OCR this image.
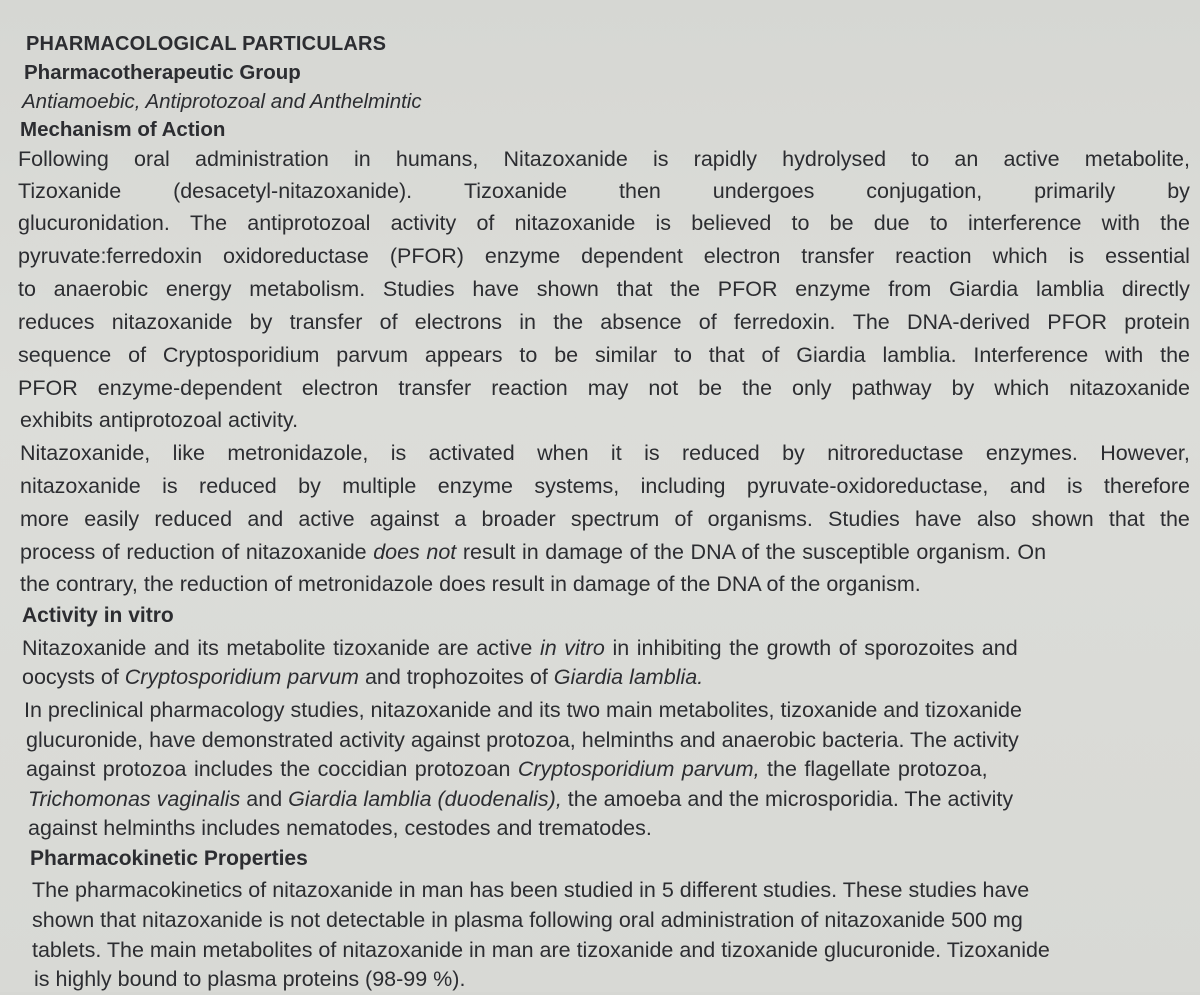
PHARMACOLOGICAL PARTICULARS
Pharmacotherapeutic Group
Antiamoebic, Antiprotozoal and Anthelmintic
Mechanism of Action
Following oral administration in humans, Nitazoxanide is rapidly hydrolysed to an active metabolite,
Tizoxanide (desacetyl-nitazoxanide). Tizoxanide then undergoes conjugation, primarily by
glucuronidation. The antiprotozoal activity of nitazoxanide is believed to be due to interference with the
pyruvate:ferredoxin oxidoreductase (PFOR) enzyme dependent electron transfer reaction which is essential
to anaerobic energy metabolism. Studies have shown that the PFOR enzyme from Giardia lamblia directly
reduces nitazoxanide by transfer of electrons in the absence of ferredoxin. The DNA-derived PFOR protein
sequence of Cryptosporidium parvum appears to be similar to that of Giardia lamblia. Interference with the
PFOR enzyme-dependent electron transfer reaction may not be the only pathway by which nitazoxanide
exhibits antiprotozoal activity.
Nitazoxanide, like metronidazole, is activated when it is reduced by nitroreductase enzymes. However,
nitazoxanide is reduced by multiple enzyme systems, including pyruvate-oxidoreductase, and is therefore
more easily reduced and active against a broader spectrum of organisms. Studies have also shown that the
process of reduction of nitazoxanide does not result in damage of the DNA of the susceptible organism. On
the contrary, the reduction of metronidazole does result in damage of the DNA of the organism.
Activity in vitro
Nitazoxanide and its metabolite tizoxanide are active in vitro in inhibiting the growth of sporozoites and
oocysts of Cryptosporidium parvum and trophozoites of Giardia lamblia.
In preclinical pharmacology studies, nitazoxanide and its two main metabolites, tizoxanide and tizoxanide
glucuronide, have demonstrated activity against protozoa, helminths and anaerobic bacteria. The activity
against protozoa includes the coccidian protozoan Cryptosporidium parvum, the flagellate protozoa,
Trichomonas vaginalis and Giardia lamblia (duodenalis), the amoeba and the microsporidia. The activity
against helminths includes nematodes, cestodes and trematodes.
Pharmacokinetic Properties
The pharmacokinetics of nitazoxanide in man has been studied in 5 different studies. These studies have
shown that nitazoxanide is not detectable in plasma following oral administration of nitazoxanide 500 mg
tablets. The main metabolites of nitazoxanide in man are tizoxanide and tizoxanide glucuronide. Tizoxanide
is highly bound to plasma proteins (98-99 %).
